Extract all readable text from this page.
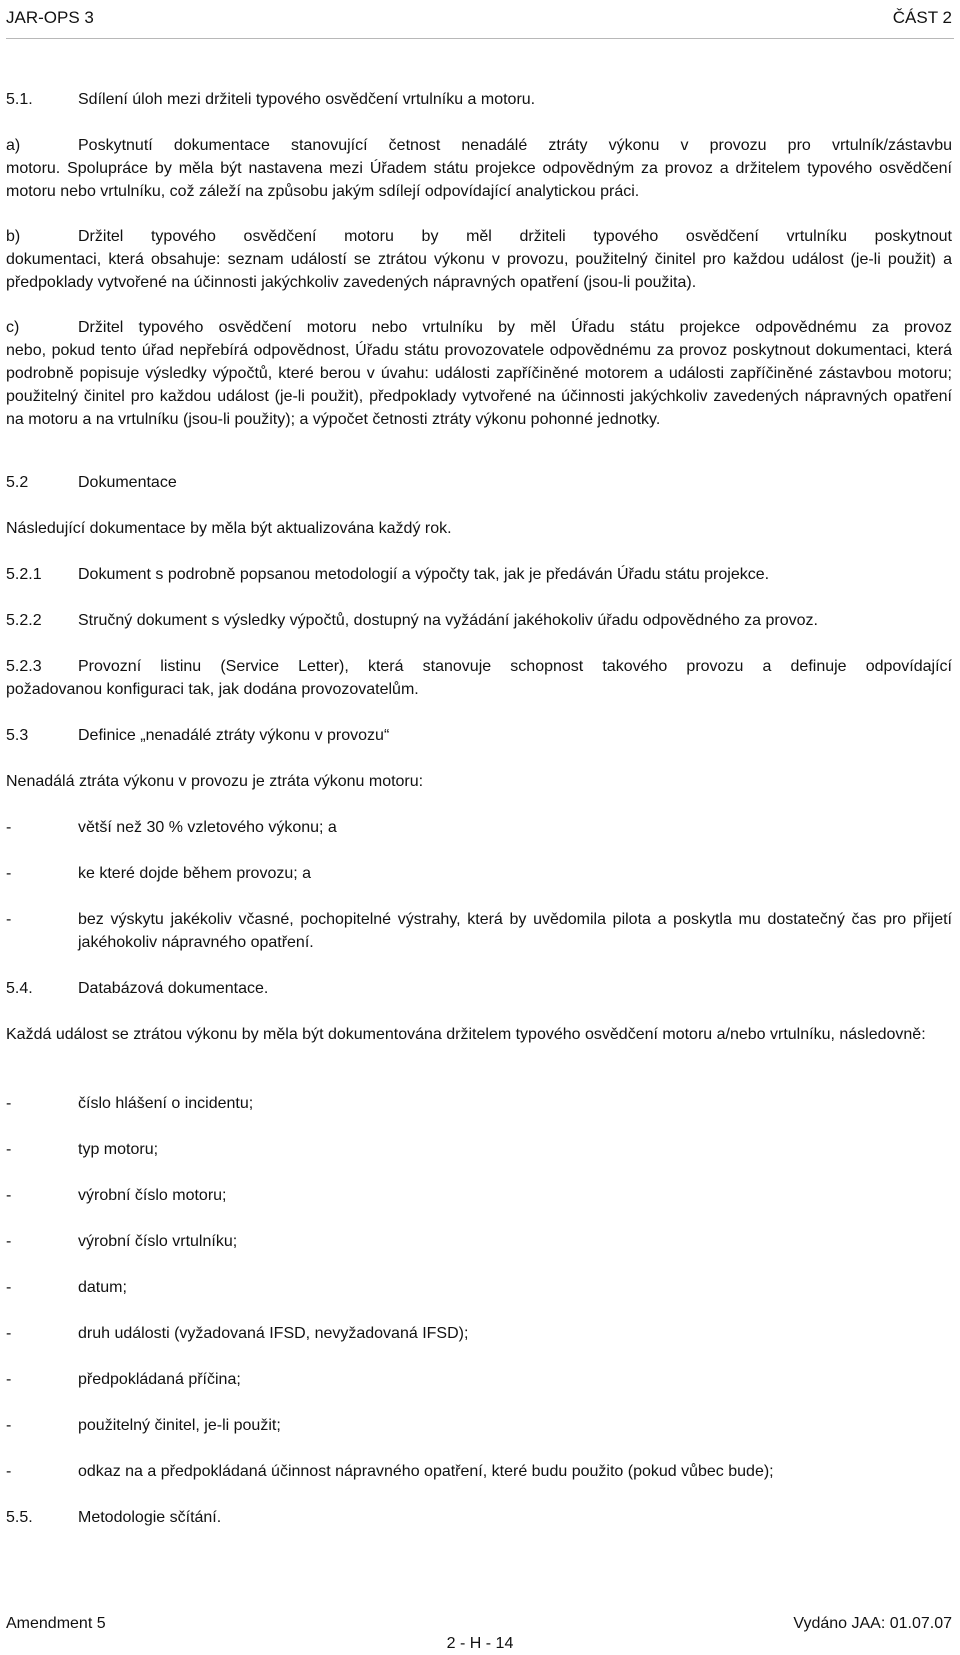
JAR-OPS 3	ČÁST 2
5.1.	Sdílení úloh mezi držiteli typového osvědčení vrtulníku a motoru.
a)	Poskytnutí dokumentace stanovující četnost nenadálé ztráty výkonu v provozu pro vrtulník/zástavbu
motoru. Spolupráce by měla být nastavena mezi Úřadem státu projekce odpovědným za provoz a držitelem typového osvědčení motoru nebo vrtulníku, což záleží na způsobu jakým sdílejí odpovídající analytickou práci.
b)	Držitel typového osvědčení motoru by měl držiteli typového osvědčení vrtulníku poskytnout
dokumentaci, která obsahuje: seznam událostí se ztrátou výkonu v provozu, použitelný činitel pro každou událost (je-li použit) a předpoklady vytvořené na účinnosti jakýchkoliv zavedených nápravných opatření (jsou-li použita).
c)	Držitel typového osvědčení motoru nebo vrtulníku by měl Úřadu státu projekce odpovědnému za provoz
nebo, pokud tento úřad nepřebírá odpovědnost, Úřadu státu provozovatele odpovědnému za provoz poskytnout dokumentaci, která podrobně popisuje výsledky výpočtů, které berou v úvahu: události zapříčiněné motorem a události zapříčiněné zástavbou motoru; použitelný činitel pro každou událost (je-li použit), předpoklady vytvořené na účinnosti jakýchkoliv zavedených nápravných opatření na motoru a na vrtulníku (jsou-li použity); a výpočet četnosti ztráty výkonu pohonné jednotky.
5.2	Dokumentace
Následující dokumentace by měla být aktualizována každý rok.
5.2.1 Dokument s podrobně popsanou metodologií a výpočty tak, jak je předáván Úřadu státu projekce.
5.2.2 Stručný dokument s výsledky výpočtů, dostupný na vyžádání jakéhokoliv úřadu odpovědného za provoz.
5.2.3 Provozní listinu (Service Letter), která stanovuje schopnost takového provozu a definuje odpovídající
požadovanou konfiguraci tak, jak dodána provozovatelům.
5.3	Definice „nenadálé ztráty výkonu v provozu“
Nenadálá ztráta výkonu v provozu je ztráta výkonu motoru:
-	větší než 30 % vzletového výkonu; a
-	ke které dojde během provozu; a
-	bez výskytu jakékoliv včasné, pochopitelné výstrahy, která by uvědomila pilota a poskytla mu dostatečný čas pro přijetí jakéhokoliv nápravného opatření.
5.4.	Databázová dokumentace.
Každá událost se ztrátou výkonu by měla být dokumentována držitelem typového osvědčení motoru a/nebo vrtulníku, následovně:
-	číslo hlášení o incidentu;
-	typ motoru;
-	výrobní číslo motoru;
-	výrobní číslo vrtulníku;
-	datum;
-	druh události (vyžadovaná IFSD, nevyžadovaná IFSD);
-	předpokládaná příčina;
-	použitelný činitel, je-li použit;
-	odkaz na a předpokládaná účinnost nápravného opatření, které budu použito (pokud vůbec bude);
5.5.	Metodologie sčítání.
Amendment 5	Vydáno JAA: 01.07.07
2 - H - 14
